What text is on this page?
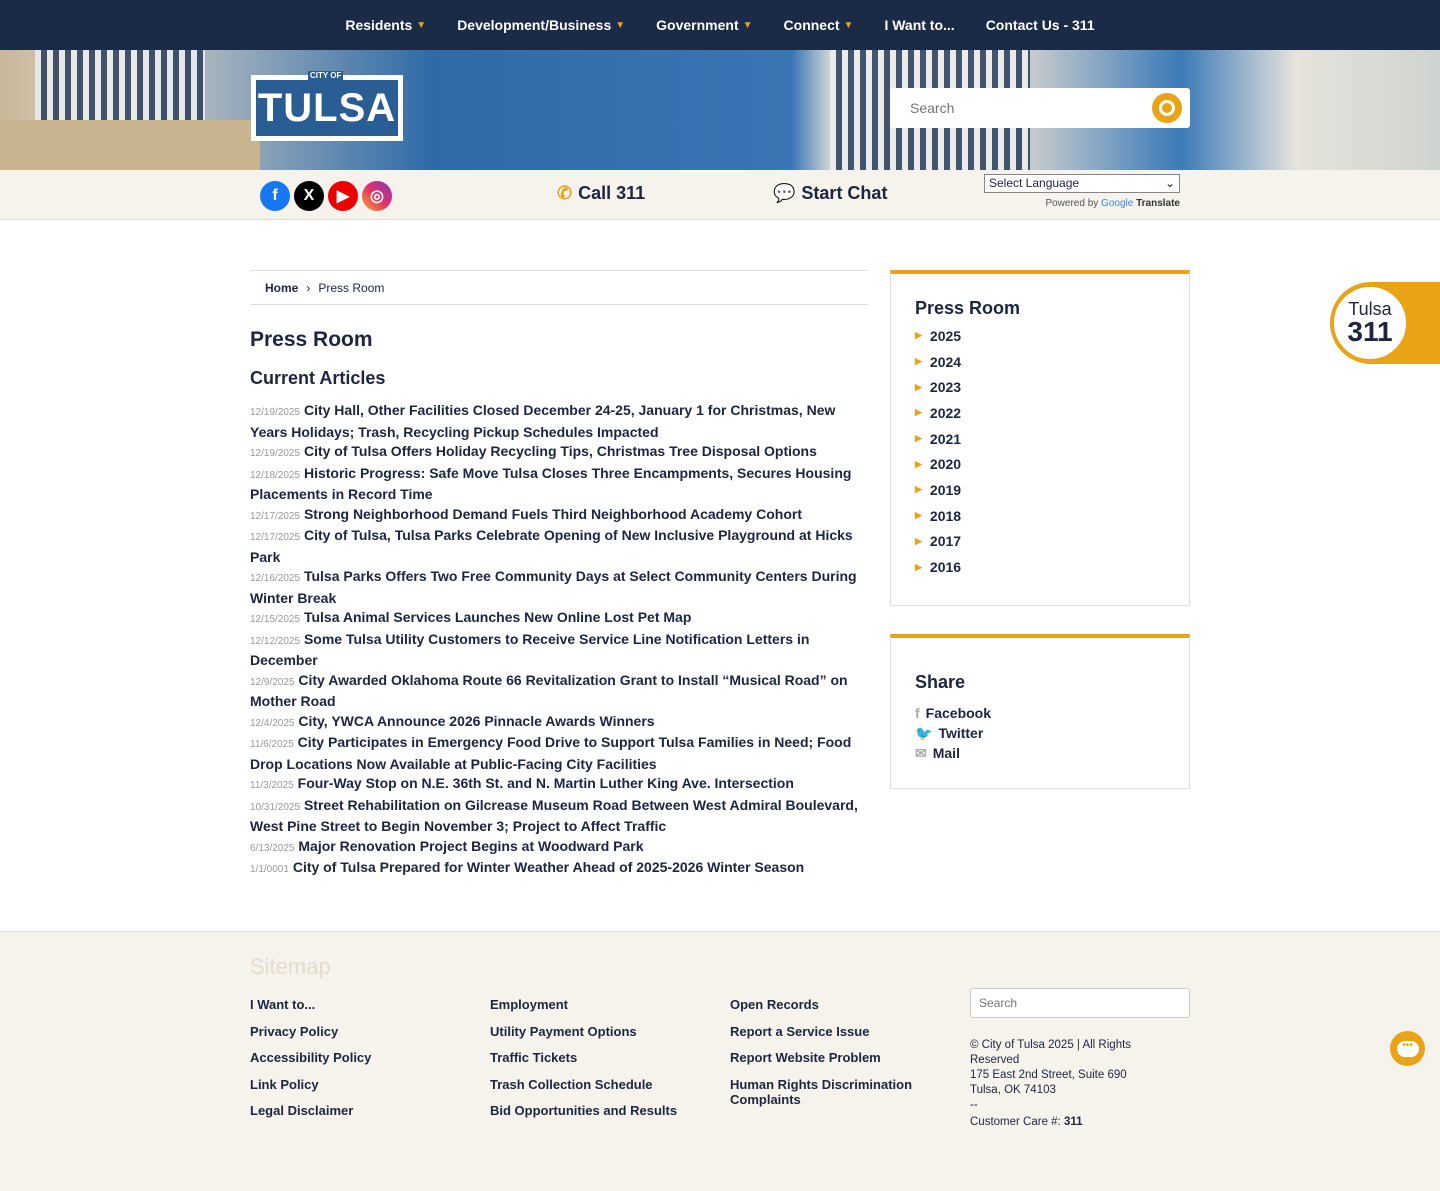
Residents ▼ Development/Business ▼ Government ▼ Connect ▼ I Want to... Contact Us - 311
CITY OF
TULSA
Search
f	X	▶	◎	✆ Call 311	💬 Start Chat	Select Language	⌄
Powered by Google Translate
Home › Press Room
Press Room
Current Articles
12/19/2025 City Hall, Other Facilities Closed December 24-25, January 1 for Christmas, New Years Holidays; Trash, Recycling Pickup Schedules Impacted
12/19/2025 City of Tulsa Offers Holiday Recycling Tips, Christmas Tree Disposal Options
12/18/2025 Historic Progress: Safe Move Tulsa Closes Three Encampments, Secures Housing Placements in Record Time
12/17/2025 Strong Neighborhood Demand Fuels Third Neighborhood Academy Cohort
12/17/2025 City of Tulsa, Tulsa Parks Celebrate Opening of New Inclusive Playground at Hicks Park
12/16/2025 Tulsa Parks Offers Two Free Community Days at Select Community Centers During Winter Break
12/15/2025 Tulsa Animal Services Launches New Online Lost Pet Map
12/12/2025 Some Tulsa Utility Customers to Receive Service Line Notification Letters in December
12/9/2025 City Awarded Oklahoma Route 66 Revitalization Grant to Install “Musical Road” on Mother Road
12/4/2025 City, YWCA Announce 2026 Pinnacle Awards Winners
11/6/2025 City Participates in Emergency Food Drive to Support Tulsa Families in Need; Food Drop Locations Now Available at Public-Facing City Facilities
11/3/2025 Four-Way Stop on N.E. 36th St. and N. Martin Luther King Ave. Intersection
10/31/2025 Street Rehabilitation on Gilcrease Museum Road Between West Admiral Boulevard, West Pine Street to Begin November 3; Project to Affect Traffic
6/13/2025 Major Renovation Project Begins at Woodward Park
1/1/0001 City of Tulsa Prepared for Winter Weather Ahead of 2025-2026 Winter Season
Press Room
▶ 2025
▶ 2024
▶ 2023
▶ 2022
▶ 2021
▶ 2020
▶ 2019
▶ 2018
▶ 2017
▶ 2016
Share
f Facebook
🐦 Twitter
✉ Mail
Tulsa
311
Sitemap
I Want to...
Privacy Policy
Accessibility Policy
Link Policy
Legal Disclaimer
Employment
Utility Payment Options
Traffic Tickets
Trash Collection Schedule
Bid Opportunities and Results
Open Records
Report a Service Issue
Report Website Problem
Human Rights Discrimination Complaints
Search
© City of Tulsa 2025 | All Rights Reserved
175 East 2nd Street, Suite 690
Tulsa, OK 74103
--
Customer Care #: 311
•••
